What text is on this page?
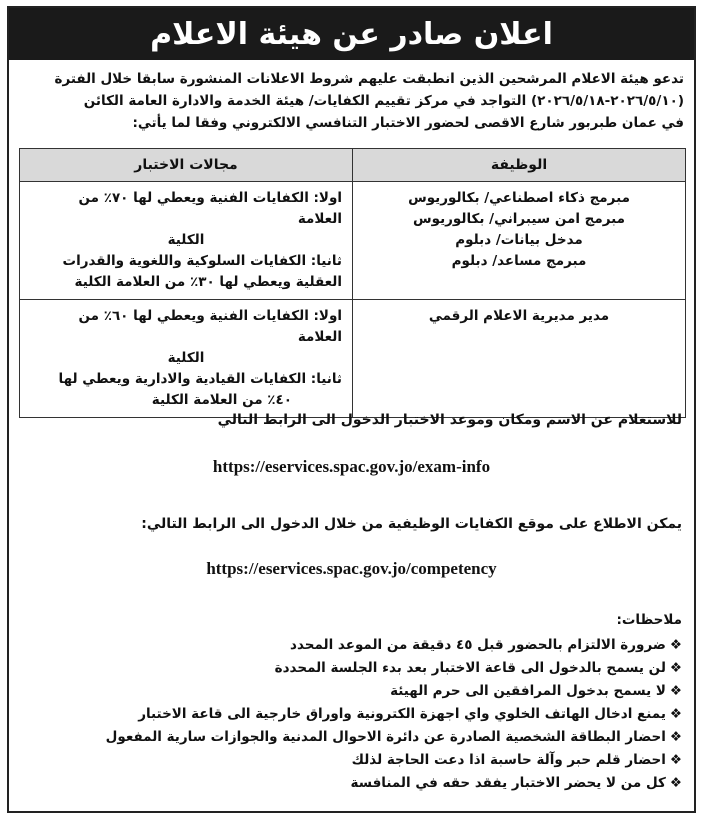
اعلان صادر عن هيئة الاعلام
تدعو هيئة الاعلام المرشحين الذين انطبقت عليهم شروط الاعلانات المنشورة سابقا خلال الفترة
(٢٠٢٦/٥/١٠-٢٠٢٦/٥/١٨) التواجد في مركز تقييم الكفايات/ هيئة الخدمة والادارة العامة الكائن
في عمان طبربور شارع الاقصى لحضور الاختبار التنافسي الالكتروني وفقا لما يأتي:
الوظيفة	مجالات الاختبار

مبرمج ذكاء اصطناعي/ بكالوريوس
مبرمج امن سيبراني/ بكالوريوس
مدخل بيانات/ دبلوم
مبرمج مساعد/ دبلوم	اولا: الكفايات الفنية ويعطي لها ٧٠٪ من العلامة
الكلية
ثانيا: الكفايات السلوكية واللغوية والقدرات
العقلية ويعطي لها ٣٠٪ من العلامة الكلية

مدير مديرية الاعلام الرقمي	اولا: الكفايات الفنية ويعطي لها ٦٠٪ من العلامة
الكلية
ثانيا: الكفايات القيادية والادارية ويعطي لها
٤٠٪ من العلامة الكلية
للاستعلام عن الاسم ومكان وموعد الاختبار الدخول الى الرابط التالي
https://eservices.spac.gov.jo/exam-info
يمكن الاطلاع على موقع الكفايات الوظيفية من خلال الدخول الى الرابط التالي:
https://eservices.spac.gov.jo/competency
ملاحظات:
❖ضرورة الالتزام بالحضور قبل ٤٥ دقيقة من الموعد المحدد
❖لن يسمح بالدخول الى قاعة الاختبار بعد بدء الجلسة المحددة
❖لا يسمح بدخول المرافقين الى حرم الهيئة
❖يمنع ادخال الهاتف الخلوي واي اجهزة الكترونية واوراق خارجية الى قاعة الاختبار
❖احضار البطاقة الشخصية الصادرة عن دائرة الاحوال المدنية والجوازات سارية المفعول
❖احضار قلم حبر وآلة حاسبة اذا دعت الحاجة لذلك
❖كل من لا يحضر الاختبار يفقد حقه في المنافسة
